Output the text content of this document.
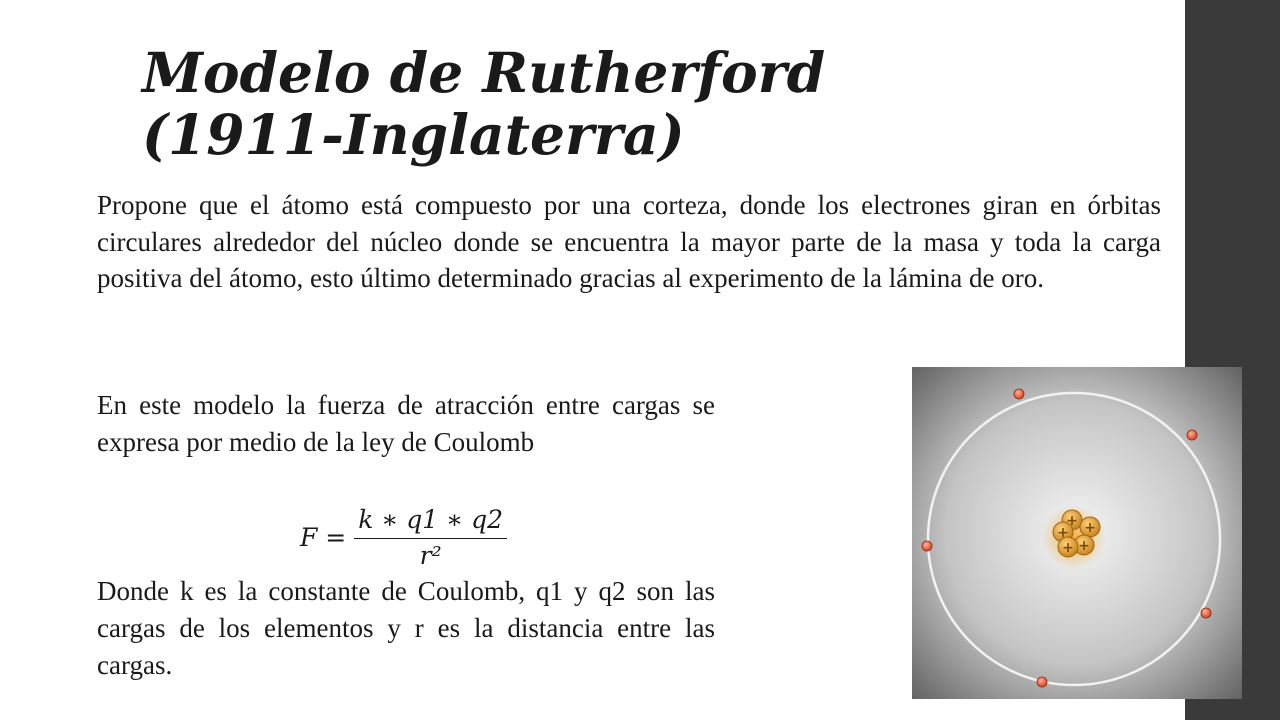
Modelo de Rutherford (1911-Inglaterra)

Propone que el átomo está compuesto por una corteza, donde los electrones giran en órbitas circulares alrededor del núcleo donde se encuentra la mayor parte de la masa y toda la carga positiva del átomo, esto último determinado gracias al experimento de la lámina de oro.

En este modelo la fuerza de atracción entre cargas se expresa por medio de la ley de Coulomb

$F = \frac{k ∗ q1 ∗ q2}{\text{r²}}$

Donde k es la constante de Coulomb, q1 y q2 son las cargas de los elementos y r es la distancia entre las cargas.

+ +
+
+
+
